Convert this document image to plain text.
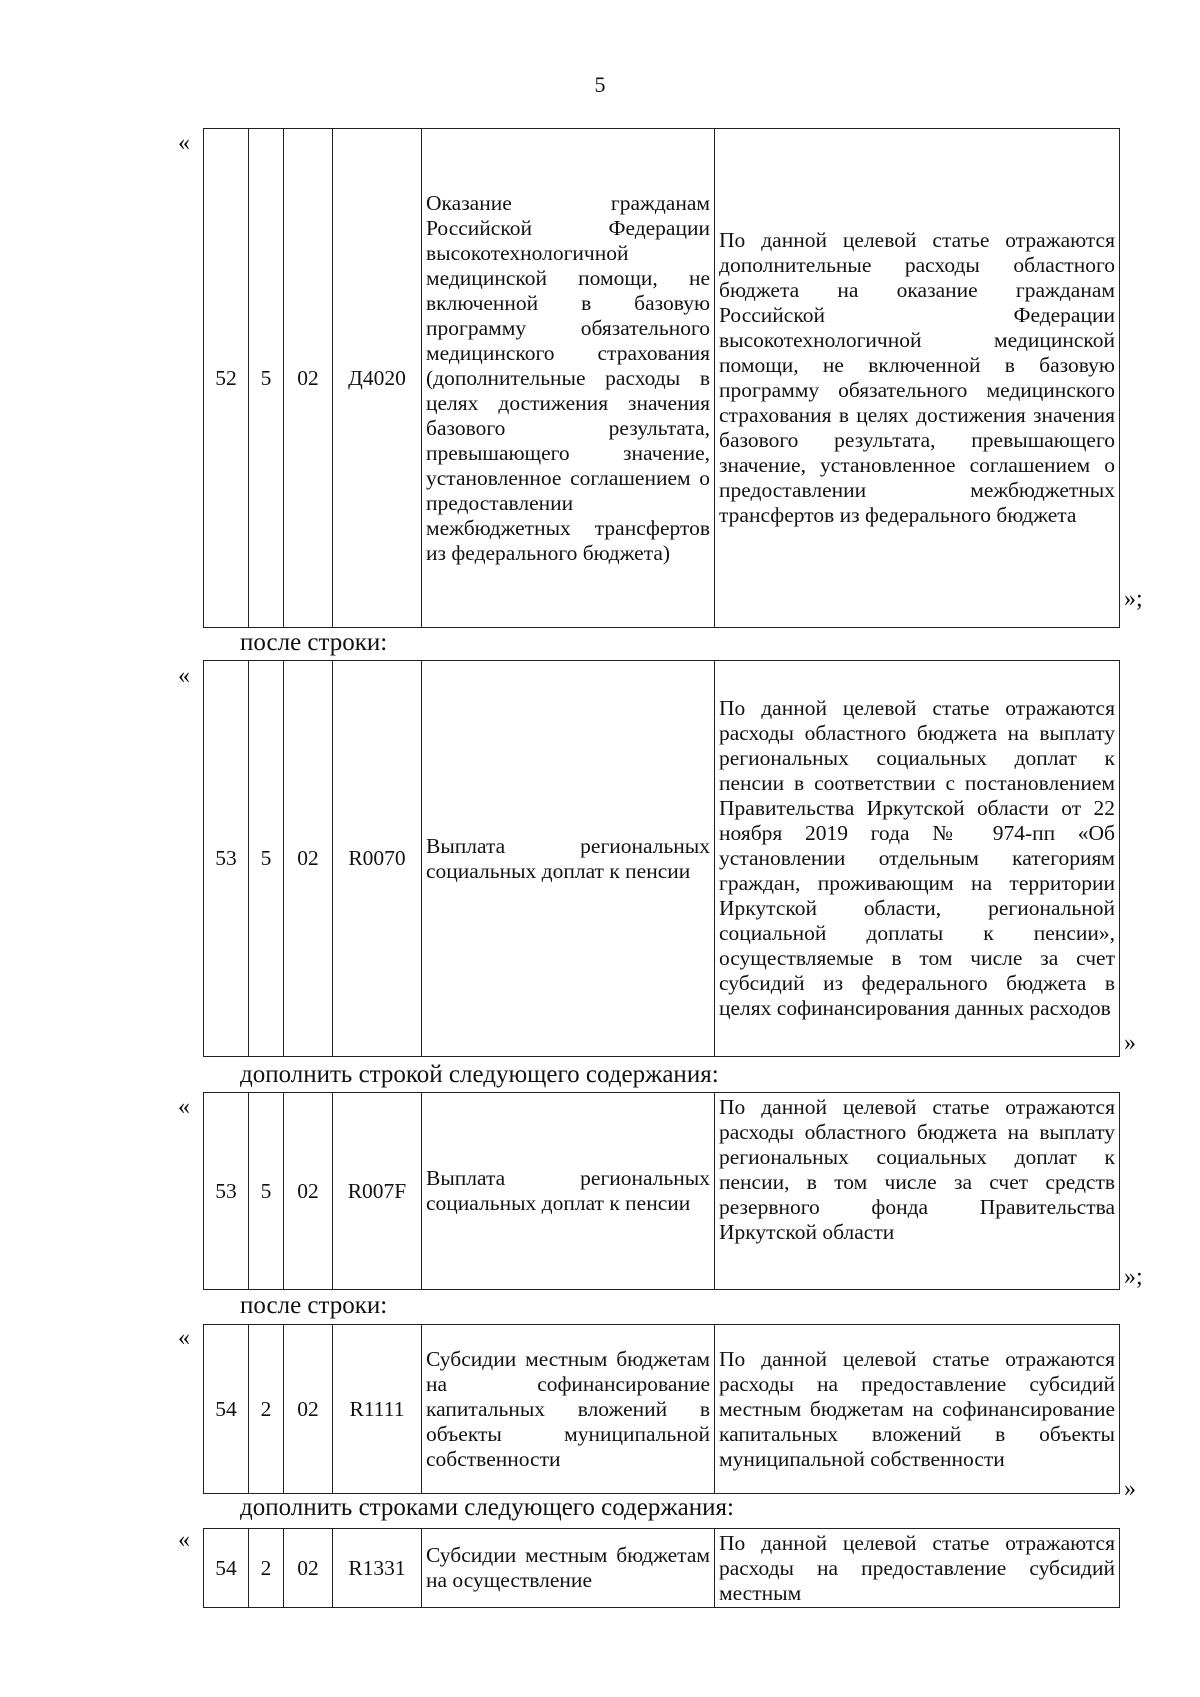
5
«
52	5	02	Д4020	Оказание гражданам Российской Федерации высокотехнологичной медицинской помощи, не включенной в базовую программу обязательного медицинского страхования (дополнительные расходы в целях достижения значения базового результата, превышающего значение, установленное соглашением о предоставлении межбюджетных трансфертов из федерального бюджета)	По данной целевой статье отражаются дополнительные расходы областного бюджета на оказание гражданам Российской Федерации высокотехнологичной медицинской помощи, не включенной в базовую программу обязательного медицинского страхования в целях достижения значения базового результата, превышающего значение, установленное соглашением о предоставлении межбюджетных трансфертов из федерального бюджета
»;
после строки:
«
53	5	02	R0070	Выплата региональных социальных доплат к пенсии	По данной целевой статье отражаются расходы областного бюджета на выплату региональных социальных доплат к пенсии в соответствии с постановлением Правительства Иркутской области от 22 ноября 2019 года № 974-пп «Об установлении отдельным категориям граждан, проживающим на территории Иркутской области, региональной социальной доплаты к пенсии», осуществляемые в том числе за счет субсидий из федерального бюджета в целях софинансирования данных расходов
»
дополнить строкой следующего содержания:
«
53	5	02	R007F	Выплата региональных социальных доплат к пенсии	По данной целевой статье отражаются расходы областного бюджета на выплату региональных социальных доплат к пенсии, в том числе за счет средств резервного фонда Правительства Иркутской области
»;
после строки:
«
54	2	02	R1111	Субсидии местным бюджетам на софинансирование капитальных вложений в объекты муниципальной собственности	По данной целевой статье отражаются расходы на предоставление субсидий местным бюджетам на софинансирование капитальных вложений в объекты муниципальной собственности
»
дополнить строками следующего содержания:
«
54	2	02	R1331	Субсидии местным бюджетам на осуществление	По данной целевой статье отражаются расходы на предоставление субсидий местным
